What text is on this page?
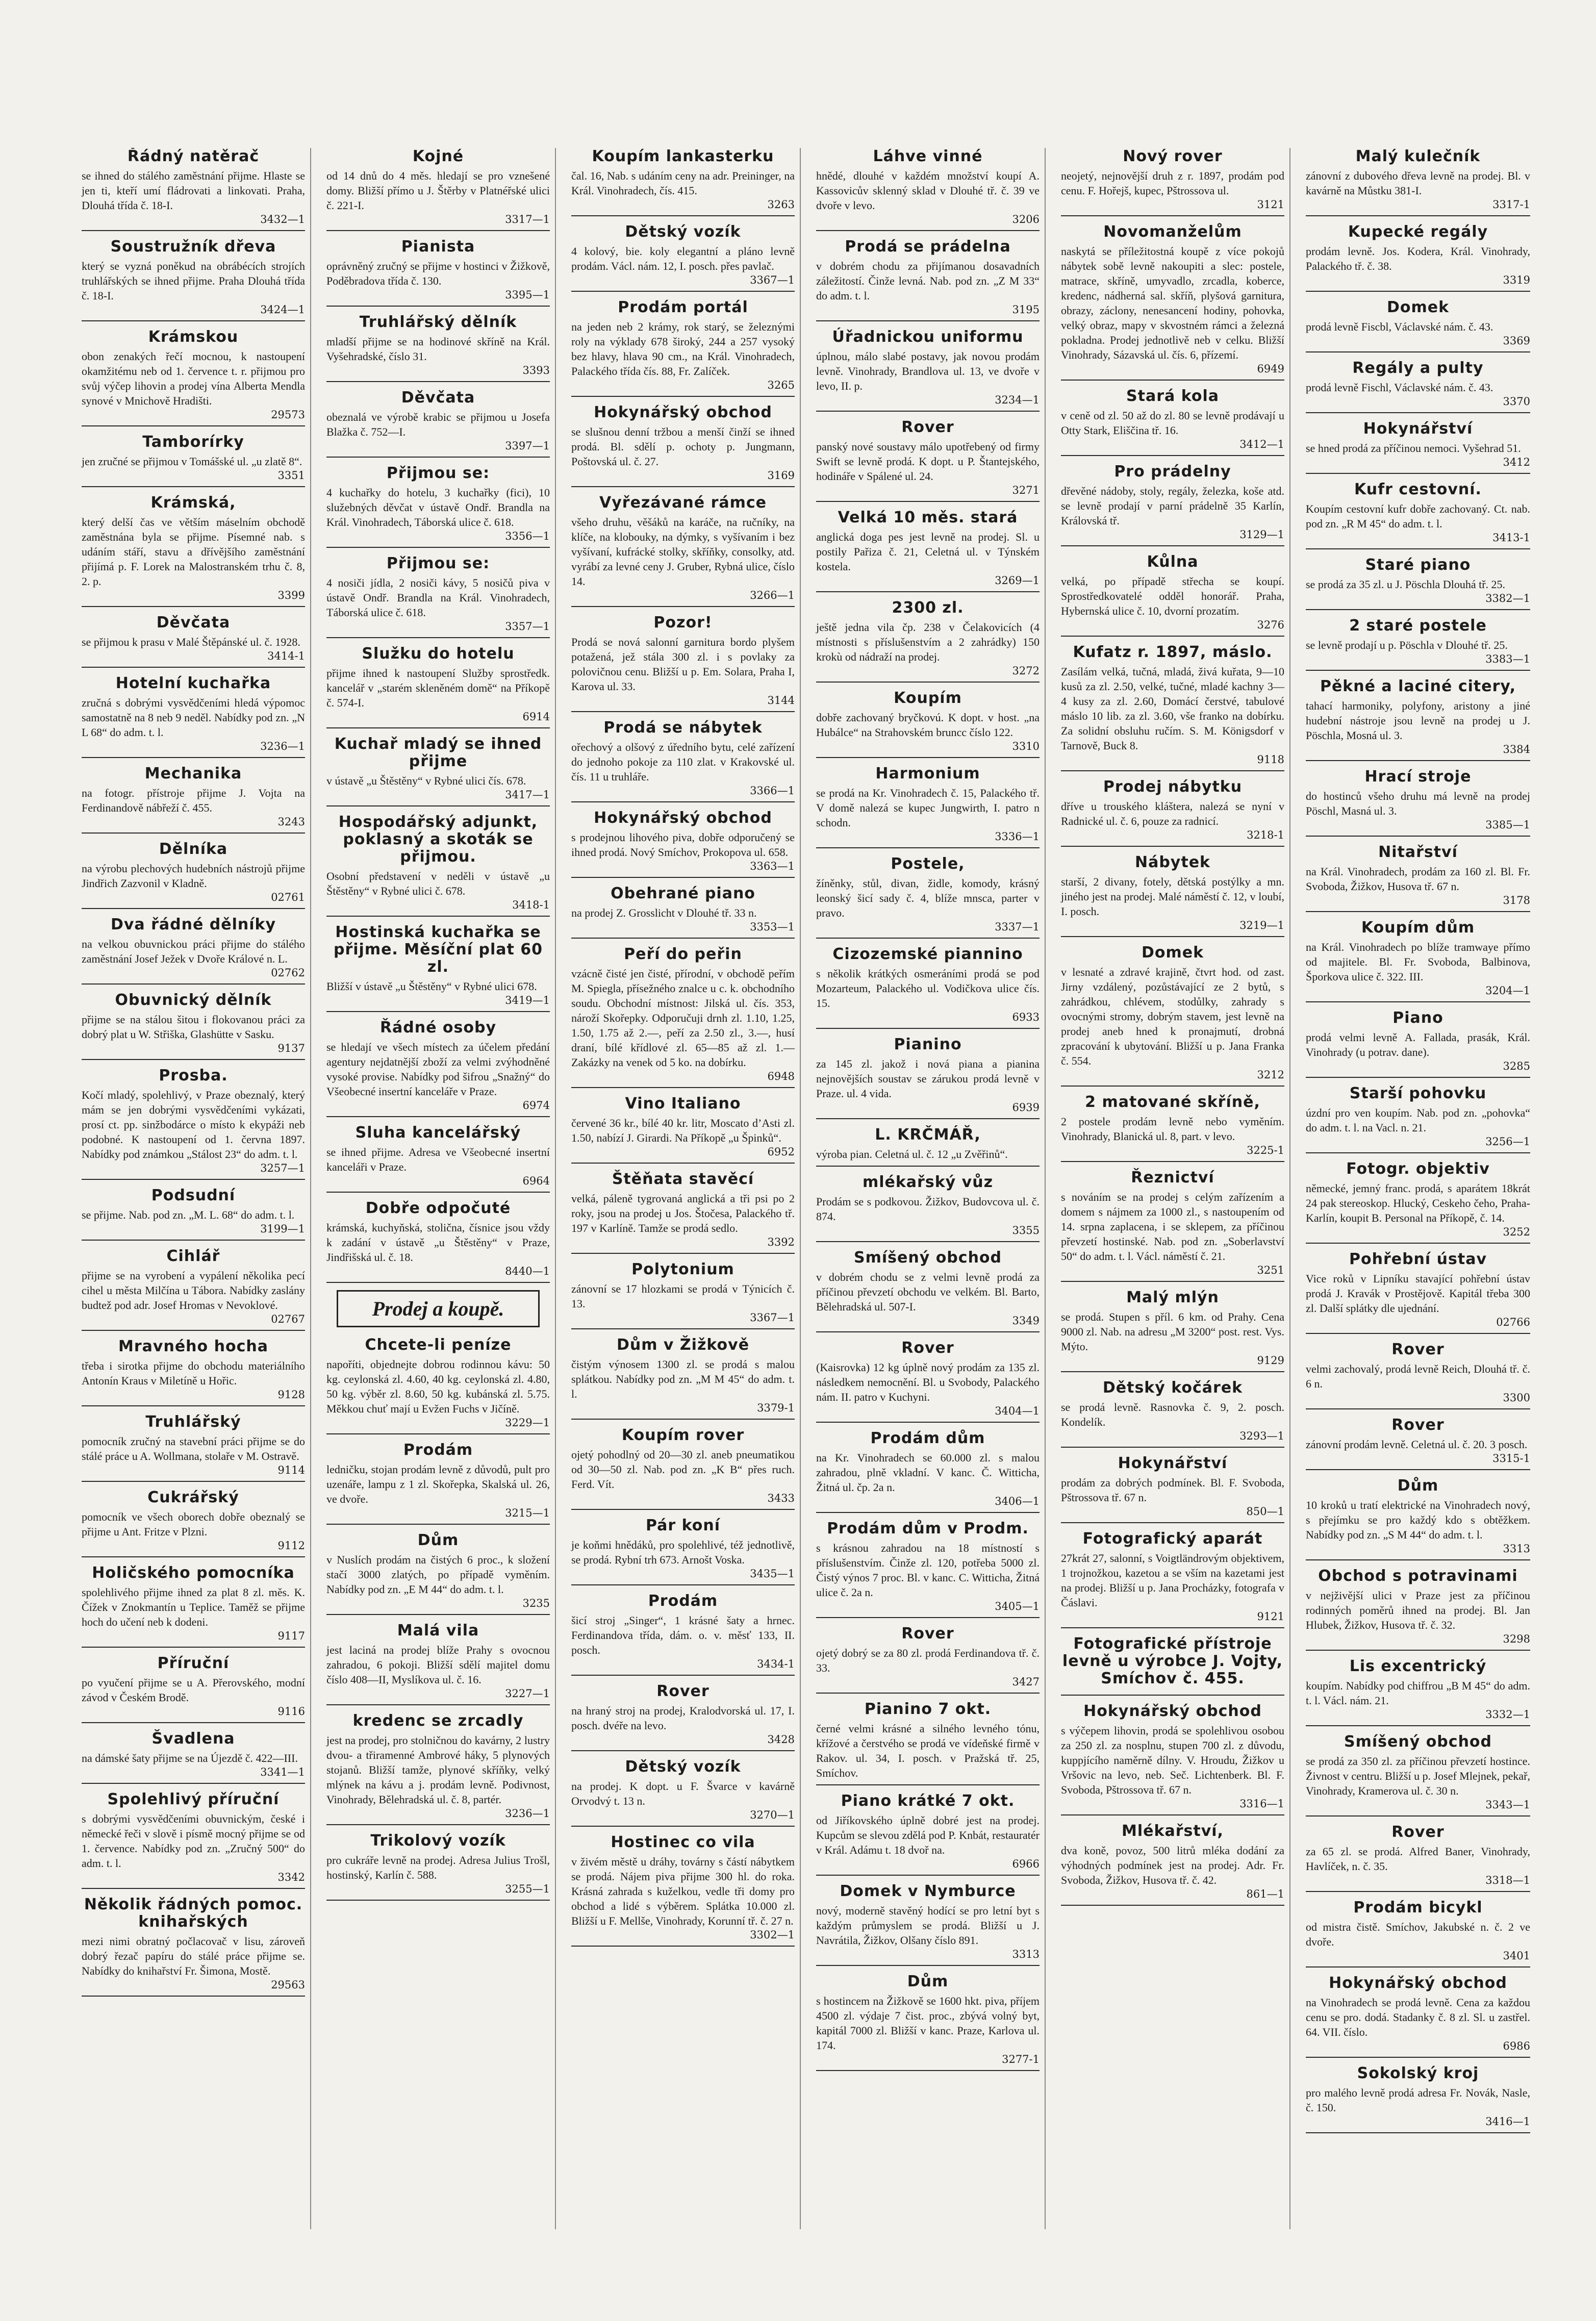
Řádný natěrač

se ihned do stálého zaměstnání přijme. Hlaste se jen ti, kteří umí fládrovati a linkovati. Praha, Dlouhá třída č. 18-I.

3432—1
Soustružník dřeva

který se vyzná poněkud na obrábécích strojích truhlářských se ihned přijme. Praha Dlouhá třída č. 18-I.

3424—1
Krámskou

obon zenakých řečí mocnou, k nastoupení okamžitému neb od 1. července t. r. přijmou pro svůj výčep lihovin a prodej vína Alberta Mendla synové v Mnichově Hradišti.

29573
Tamborírky

jen zručné se přijmou v Tomášské ul. „u zlatě 8“.

3351
Krámská,

který delší čas ve větším máselním obchodě zaměstnána byla se přijme. Písemné nab. s udáním stáří, stavu a dřívějšího zaměstnání přijímá p. F. Lorek na Malostranském trhu č. 8, 2. p.

3399
Děvčata

se přijmou k prasu v Malé Štěpánské ul. č. 1928.

3414-1
Hotelní kuchařka

zručná s dobrými vysvědčeními hledá výpomoc samostatně na 8 neb 9 neděl. Nabídky pod zn. „N L 68“ do adm. t. l.

3236—1
Mechanika

na fotogr. přístroje přijme J. Vojta na Ferdinandově nábřeží č. 455.

3243
Dělníka

na výrobu plechových hudebních nástrojů přijme Jindřich Zazvonil v Kladně.

02761
Dva řádné dělníky

na velkou obuvnickou práci přijme do stálého zaměstnání Josef Ježek v Dvoře Králové n. L.

02762
Obuvnický dělník

přijme se na stálou šitou i flokovanou práci za dobrý plat u W. Střiška, Glashütte v Sasku.

9137
Prosba.

Kočí mladý, spolehlivý, v Praze obeznalý, který mám se jen dobrými vysvědčeními vykázati, prosí ct. pp. sinžbodárce o místo k ekypáži neb podobné. K nastoupení od 1. června 1897. Nabídky pod známkou „Stálost 23“ do adm. t. l.

3257—1
Podsudní

se přijme. Nab. pod zn. „M. L. 68“ do adm. t. l.

3199—1
Cihlář

přijme se na vyrobení a vypálení několika pecí cihel u města Milčína u Tábora. Nabídky zaslány budtež pod adr. Josef Hromas v Nevoklové.

02767
Mravného hocha

třeba i sirotka přijme do obchodu materiálního Antonín Kraus v Miletíně u Hořic.

9128
Truhlářský

pomocník zručný na stavební práci přijme se do stálé práce u A. Wollmana, stolaře v M. Ostravě.

9114
Cukrářský

pomocník ve všech oborech dobře obeznalý se přijme u Ant. Fritze v Plzni.

9112
Holičského pomocníka

spolehlivého přijme ihned za plat 8 zl. měs. K. Čížek v Znokmantín u Teplice. Taměž se přijme hoch do učení neb k dodeni.

9117
Příruční

po vyučení přijme se u A. Přerovského, modní závod v Českém Brodě.

9116
Švadlena

na dámské šaty přijme se na Újezdě č. 422—III.

3341—1
Spolehlivý příruční

s dobrými vysvědčeními obuvnickým, české i německé řeči v slově i písmě mocný přijme se od 1. července. Nabídky pod zn. „Zručný 500“ do adm. t. l.

3342
Několik řádných pomoc. knihařských

mezi nimi obratný počlacovač v lisu, zároveň dobrý řezač papíru do stálé práce přijme se. Nabídky do knihařství Fr. Šimona, Mostě.

29563
Kojné

od 14 dnů do 4 měs. hledají se pro vznešené domy. Bližší přímo u J. Štěrby v Platnéřské ulici č. 221-I.

3317—1
Pianista

oprávněný zručný se přijme v hostinci v Žižkově, Poděbradova třída č. 130.

3395—1
Truhlářský dělník

mladší přijme se na hodinové skříně na Král. Vyšehradské, číslo 31.

3393
Děvčata

obeznalá ve výrobě krabic se přijmou u Josefa Blažka č. 752—I.

3397—1
Přijmou se:

4 kuchařky do hotelu, 3 kuchařky (fici), 10 služebných děvčat v ústavě Ondř. Brandla na Král. Vinohradech, Táborská ulice č. 618.

3356—1
Přijmou se:

4 nosiči jídla, 2 nosiči kávy, 5 nosičů piva v ústavě Ondř. Brandla na Král. Vinohradech, Táborská ulice č. 618.

3357—1
Služku do hotelu

přijme ihned k nastoupení Služby sprostředk. kancelář v „starém skleněném domě“ na Příkopě č. 574-I.

6914
Kuchař mladý se ihned přijme

v ústavě „u Štěstěny“ v Rybné ulici čís. 678.

3417—1
Hospodářský adjunkt, poklasný a skoták se přijmou.

Osobní představení v neděli v ústavě „u Štěstěny“ v Rybné ulici č. 678.

3418-1
Hostinská kuchařka se přijme. Měsíční plat 60 zl.

Bližší v ústavě „u Štěstěny“ v Rybné ulici 678.

3419—1
Řádné osoby

se hledají ve všech místech za účelem předání agentury nejdatnější zboží za velmi zvýhodněné vysoké provise. Nabídky pod šifrou „Snažný“ do Všeobecné insertní kanceláře v Praze.

6974
Sluha kancelářský

se ihned přijme. Adresa ve Všeobecné insertní kanceláři v Praze.

6964
Dobře odpočuté

krámská, kuchyňská, stolična, čísnice jsou vždy k zadání v ústavě „u Štěstěny“ v Praze, Jindřišská ul. č. 18.

8440—1
Prodej a koupě.
Chcete-li peníze

napoříti, objednejte dobrou rodinnou kávu: 50 kg. ceylonská zl. 4.60, 40 kg. ceylonská zl. 4.80, 50 kg. výběr zl. 8.60, 50 kg. kubánská zl. 5.75. Měkkou chuť mají u Evžen Fuchs v Jičíně.

3229—1
Prodám

ledničku, stojan prodám levně z důvodů, pult pro uzenáře, lampu z 1 zl. Skořepka, Skalská ul. 26, ve dvoře.

3215—1
Dům

v Nuslích prodám na čistých 6 proc., k složení stačí 3000 zlatých, po případě vyměním. Nabídky pod zn. „E M 44“ do adm. t. l.

3235
Malá vila

jest laciná na prodej blíže Prahy s ovocnou zahradou, 6 pokoji. Bližší sdělí majitel domu číslo 408—II, Myslíkova ul. č. 16.

3227—1
kredenc se zrcadly

jest na prodej, pro stolničnou do kavárny, 2 lustry dvou- a třiramenné Ambrové háky, 5 plynových stojanů. Bližší tamže, plynové skříňky, velký mlýnek na kávu a j. prodám levně. Podivnost, Vinohrady, Bělehradská ul. č. 8, partér.

3236—1
Trikolový vozík

pro cukráře levně na prodej. Adresa Julius Trošl, hostinský, Karlín č. 588.

3255—1
Koupím lankasterku

čal. 16, Nab. s udáním ceny na adr. Preininger, na Král. Vinohradech, čís. 415.

3263
Dětský vozík

4 kolový, bie. koly elegantní a pláno levně prodám. Václ. nám. 12, I. posch. přes pavlač.

3367—1
Prodám portál

na jeden neb 2 krámy, rok starý, se železnými roly na výklady 678 široký, 244 a 257 vysoký bez hlavy, hlava 90 cm., na Král. Vinohradech, Palackého třída čís. 88, Fr. Zalíček.

3265
Hokynářský obchod

se slušnou denní tržbou a menší činží se ihned prodá. Bl. sdělí p. ochoty p. Jungmann, Poštovská ul. č. 27.

3169
Vyřezávané rámce

všeho druhu, věšáků na karáče, na ručníky, na klíče, na klobouky, na dýmky, s vyšívaním i bez vyšívaní, kufrácké stolky, skříňky, consolky, atd. vyrábí za levné ceny J. Gruber, Rybná ulice, číslo 14.

3266—1
Pozor!

Prodá se nová salonní garnitura bordo plyšem potažená, jež stála 300 zl. i s povlaky za polovičnou cenu. Bližší u p. Em. Solara, Praha I, Karova ul. 33.

3144
Prodá se nábytek

ořechový a olšový z úředního bytu, celé zařízení do jednoho pokoje za 110 zlat. v Krakovské ul. čís. 11 u truhláře.

3366—1
Hokynářský obchod

s prodejnou lihového piva, dobře odporučený se ihned prodá. Nový Smíchov, Prokopova ul. 658.

3363—1
Obehrané piano

na prodej Z. Grosslicht v Dlouhé tř. 33 n.

3353—1
Peří do peřin

vzácně čisté jen čisté, přírodní, v obchodě peřím M. Spiegla, přísežného znalce u c. k. obchodního soudu. Obchodní místnost: Jilská ul. čís. 353, nároží Skořepky. Odporučuji drnh zl. 1.10, 1.25, 1.50, 1.75 až 2.—, peří za 2.50 zl., 3.—, husí draní, bílé křídlové zl. 65—85 až zl. 1.— Zakázky na venek od 5 ko. na dobírku.

6948
Vino Italiano

červené 36 kr., bílé 40 kr. litr, Moscato d’Asti zl. 1.50, nabízí J. Girardi. Na Příkopě „u Špinků“.

6952
Štěňata stavěcí

velká, páleně tygrovaná anglická a tři psi po 2 roky, jsou na prodej u Jos. Štočesa, Palackého tř. 197 v Karlíně. Tamže se prodá sedlo.

3392
Polytonium

zánovní se 17 hlozkami se prodá v Týnicích č. 13.

3367—1
Dům v Žižkově

čistým výnosem 1300 zl. se prodá s malou splátkou. Nabídky pod zn. „M M 45“ do adm. t. l.

3379-1
Koupím rover

ojetý pohodlný od 20—30 zl. aneb pneumatikou od 30—50 zl. Nab. pod zn. „K B“ přes ruch. Ferd. Vít.

3433
Pár koní

je koňmi hnědáků, pro spolehlivé, též jednotlivě, se prodá. Rybní trh 673. Arnošt Voska.

3435—1
Prodám

šicí stroj „Singer“, 1 krásné šaty a hrnec. Ferdinandova třída, dám. o. v. měsť 133, II. posch.

3434-1
Rover

na hraný stroj na prodej, Kralodvorská ul. 17, I. posch. dvéře na levo.

3428
Dětský vozík

na prodej. K dopt. u F. Švarce v kavárně Orvodvý t. 13 n.

3270—1
Hostinec co vila

v živém městě u dráhy, továrny s částí nábytkem se prodá. Nájem piva přijme 300 hl. do roka. Krásná zahrada s kuželkou, vedle tři domy pro obchod a lidé s výběrem. Splátka 10.000 zl. Bližší u F. Mellše, Vinohrady, Korunní tř. č. 27 n.

3302—1
Láhve vinné

hnědé, dlouhé v každém množství koupí A. Kassovicův sklenný sklad v Dlouhé tř. č. 39 ve dvoře v levo.

3206
Prodá se prádelna

v dobrém chodu za přijímanou dosavadních záležitostí. Činže levná. Nab. pod zn. „Z M 33“ do adm. t. l.

3195
Úřadnickou uniformu

úplnou, málo slabé postavy, jak novou prodám levně. Vinohrady, Brandlova ul. 13, ve dvoře v levo, II. p.

3234—1
Rover

panský nové soustavy málo upotřebený od firmy Swift se levně prodá. K dopt. u P. Štantejského, hodináře v Spálené ul. 24.

3271
Velká 10 měs. stará

anglická doga pes jest levně na prodej. Sl. u postily Pařiza č. 21, Celetná ul. v Týnském kostela.

3269—1
2300 zl.

ještě jedna vila čp. 238 v Čelakovicích (4 místnosti s příslušenstvím a 2 zahrádky) 150 krokù od nádraží na prodej.

3272
Koupím

dobře zachovaný bryčkovú. K dopt. v host. „na Hubálce“ na Strahovském bruncc číslo 122.

3310
Harmonium

se prodá na Kr. Vinohradech č. 15, Palackého tř. V domě nalezá se kupec Jungwirth, I. patro n schodn.

3336—1
Postele,

žíněnky, stůl, divan, židle, komody, krásný leonský šicí sady č. 4, blíže mnsca, parter v pravo.

3337—1
Cizozemské piannino

s několik krátkých osmeráními prodá se pod Mozarteum, Palackého ul. Vodičkova ulice čís. 15.

6933
Pianino

za 145 zl. jakož i nová piana a pianina nejnovějších soustav se zárukou prodá levně v Praze. ul. 4 vida.

6939
L. KRČMÁŘ,

výroba pian. Celetná ul. č. 12 „u Zvěřinů“.

mlékařský vůz

Prodám se s podkovou. Žižkov, Budovcova ul. č. 874.

3355
Smíšený obchod

v dobrém chodu se z velmi levně prodá za příčinou převzetí obchodu ve velkém. Bl. Barto, Bělehradská ul. 507-I.

3349
Rover

(Kaisrovka) 12 kg úplně nový prodám za 135 zl. následkem nemocnění. Bl. u Svobody, Palackého nám. II. patro v Kuchyni.

3404—1
Prodám dům

na Kr. Vinohradech se 60.000 zl. s malou zahradou, plně vkladní. V kanc. Č. Witticha, Žitná ul. čp. 2a n.

3406—1
Prodám dům v Prodm.

s krásnou zahradou na 18 místností s příslušenstvím. Činže zl. 120, potřeba 5000 zl. Čistý výnos 7 proc. Bl. v kanc. C. Witticha, Žitná ulice č. 2a n.

3405—1
Rover

ojetý dobrý se za 80 zl. prodá Ferdinandova tř. č. 33.

3427
Pianino 7 okt.

černé velmi krásné a silného levného tónu, křížové a čerstvého se prodá ve vídeňské firmě v Rakov. ul. 34, I. posch. v Pražská tř. 25, Smíchov.

Piano krátké 7 okt.

od Jiříkovského úplně dobré jest na prodej. Kupcům se slevou zdělá pod P. Knbát, restauratér v Král. Adámu t. 18 dvoř na.

6966
Domek v Nymburce

nový, moderně stavěný hodící se pro letní byt s každým průmyslem se prodá. Bližší u J. Navrátila, Žižkov, Olšany číslo 891.

3313
Dům

s hostincem na Žižkově se 1600 hkt. piva, příjem 4500 zl. výdaje 7 čist. proc., zbývá volný byt, kapitál 7000 zl. Bližší v kanc. Praze, Karlova ul. 174.

3277-1
Nový rover

neojetý, nejnovější druh z r. 1897, prodám pod cenu. F. Hořejš, kupec, Pštrossova ul.

3121
Novomanželům

naskytá se příležitostná koupě z více pokojů nábytek sobě levně nakoupiti a slec: postele, matrace, skříně, umyvadlo, zrcadla, koberce, kredenc, nádherná sal. skříň, plyšová garnitura, obrazy, záclony, nenesancení hodiny, pohovka, velký obraz, mapy v skvostném rámci a železná pokladna. Prodej jednotlivě neb v celku. Bližší Vinohrady, Sázavská ul. čís. 6, přízemí.

6949
Stará kola

v ceně od zl. 50 až do zl. 80 se levně prodávají u Otty Stark, Eliščina tř. 16.

3412—1
Pro prádelny

dřevěné nádoby, stoly, regály, železka, koše atd. se levně prodají v parní prádelně 35 Karlín, Královská tř.

3129—1
Kůlna

velká, po případě střecha se koupí. Sprostředkovatelé odděl honorář. Praha, Hybernská ulice č. 10, dvorní prozatím.

3276
Kufatz r. 1897, máslo.

Zasílám velká, tučná, mladá, živá kuřata, 9—10 kusů za zl. 2.50, velké, tučné, mladé kachny 3—4 kusy za zl. 2.60, Domácí čerstvé, tabulové máslo 10 lib. za zl. 3.60, vše franko na dobírku. Za solidní obsluhu ručím. S. M. Königsdorf v Tarnově, Buck 8.

9118
Prodej nábytku

dříve u trouského kláštera, nalezá se nyní v Radnické ul. č. 6, pouze za radnicí.

3218-1
Nábytek

starší, 2 divany, fotely, dětská postýlky a mn. jiného jest na prodej. Malé náměstí č. 12, v loubí, I. posch.

3219—1
Domek

v lesnaté a zdravé krajině, čtvrt hod. od zast. Jirny vzdálený, pozůstávající ze 2 bytů, s zahrádkou, chlévem, stodůlky, zahrady s ovocnými stromy, dobrým stavem, jest levně na prodej aneb hned k pronajmutí, drobná zpracování k ubytování. Bližší u p. Jana Franka č. 554.

3212
2 matované skříně,

2 postele prodám levně nebo vyměním. Vinohrady, Blanická ul. 8, part. v levo.

3225-1
Řeznictví

s nováním se na prodej s celým zařízením a domem s nájmem za 1000 zl., s nastoupením od 14. srpna zaplacena, i se sklepem, za příčinou převzetí hostinské. Nab. pod zn. „Soberlavství 50“ do adm. t. l. Václ. náměstí č. 21.

3251
Malý mlýn

se prodá. Stupen s příl. 6 km. od Prahy. Cena 9000 zl. Nab. na adresu „M 3200“ post. rest. Vys. Mýto.

9129
Dětský kočárek

se prodá levně. Rasnovka č. 9, 2. posch. Kondelík.

3293—1
Hokynářství

prodám za dobrých podmínek. Bl. F. Svoboda, Pštrossova tř. 67 n.

850—1
Fotografický aparát

27krát 27, salonní, s Voigtländrovým objektivem, 1 trojnožkou, kazetou a se vším na kazetami jest na prodej. Bližší u p. Jana Procházky, fotografa v Čáslavi.

9121
Fotografické přístroje levně u výrobce J. Vojty, Smíchov č. 455.

Hokynářský obchod

s výčepem lihovin, prodá se spolehlivou osobou za 250 zl. za nosplnu, stupen 700 zl. z důvodu, kuppjícího naměrně dílny. V. Hroudu, Žižkov u Vršovic na levo, neb. Seč. Lichtenberk. Bl. F. Svoboda, Pštrossova tř. 67 n.

3316—1
Mlékařství,

dva koně, povoz, 500 litrů mléka dodání za výhodných podmínek jest na prodej. Adr. Fr. Svoboda, Žižkov, Husova tř. č. 42.

861—1
Malý kulečník

zánovní z dubového dřeva levně na prodej. Bl. v kavárně na Můstku 381-I.

3317-1
Kupecké regály

prodám levně. Jos. Kodera, Král. Vinohrady, Palackého tř. č. 38.

3319
Domek

prodá levně Fiscbl, Václavské nám. č. 43.

3369
Regály a pulty

prodá levně Fischl, Václavské nám. č. 43.

3370
Hokynářství

se hned prodá za příčinou nemoci. Vyšehrad 51.

3412
Kufr cestovní.

Koupím cestovní kufr dobře zachovaný. Ct. nab. pod zn. „R M 45“ do adm. t. l.

3413-1
Staré piano

se prodá za 35 zl. u J. Pöschla Dlouhá tř. 25.

3382—1
2 staré postele

se levně prodají u p. Pöschla v Dlouhé tř. 25.

3383—1
Pěkné a laciné citery,

tahací harmoniky, polyfony, aristony a jiné hudební nástroje jsou levně na prodej u J. Pöschla, Mosná ul. 3.

3384
Hrací stroje

do hostinců všeho druhu má levně na prodej Pöschl, Masná ul. 3.

3385—1
Nitařství

na Král. Vinohradech, prodám za 160 zl. Bl. Fr. Svoboda, Žižkov, Husova tř. 67 n.

3178
Koupím dům

na Král. Vinohradech po blíže tramwaye přímo od majitele. Bl. Fr. Svoboda, Balbinova, Šporkova ulice č. 322. III.

3204—1
Piano

prodá velmi levně A. Fallada, prasák, Král. Vinohrady (u potrav. dane).

3285
Starší pohovku

úzdní pro ven koupím. Nab. pod zn. „pohovka“ do adm. t. l. na Vacl. n. 21.

3256—1
Fotogr. objektiv

německé, jemný franc. prodá, s aparátem 18krát 24 pak stereoskop. Hlucký, Ceskeho čeho, Praha-Karlín, koupit B. Personal na Příkopě, č. 14.

3252
Pohřební ústav

Vice roků v Lipníku stavající pohřební ústav prodá J. Kravák v Prostějově. Kapitál třeba 300 zl. Další splátky dle ujednání.

02766
Rover

velmi zachovalý, prodá levně Reich, Dlouhá tř. č. 6 n.

3300
Rover

zánovní prodám levně. Celetná ul. č. 20. 3 posch.

3315-1
Dům

10 kroků u tratí elektrické na Vinohradech nový, s přejímku se pro každý kdo s obtěžkem. Nabídky pod zn. „S M 44“ do adm. t. l.

3313
Obchod s potravinami

v nejživější ulici v Praze jest za příčinou rodinných poměrů ihned na prodej. Bl. Jan Hlubek, Žižkov, Husova tř. č. 32.

3298
Lis excentrický

koupím. Nabídky pod chiffrou „B M 45“ do adm. t. l. Václ. nám. 21.

3332—1
Smíšený obchod

se prodá za 350 zl. za příčinou převzetí hostince. Živnost v centru. Bližší u p. Josef Mlejnek, pekař, Vinohrady, Kramerova ul. č. 30 n.

3343—1
Rover

za 65 zl. se prodá. Alfred Baner, Vinohrady, Havlíček, n. č. 35.

3318—1
Prodám bicykl

od mistra čistě. Smíchov, Jakubské n. č. 2 ve dvoře.

3401
Hokynářský obchod

na Vinohradech se prodá levně. Cena za každou cenu se pro. dodá. Stadanky č. 8 zl. Sl. u zastřel. 64. VII. číslo.

6986
Sokolský kroj

pro malého levně prodá adresa Fr. Novák, Nasle, č. 150.

3416—1
